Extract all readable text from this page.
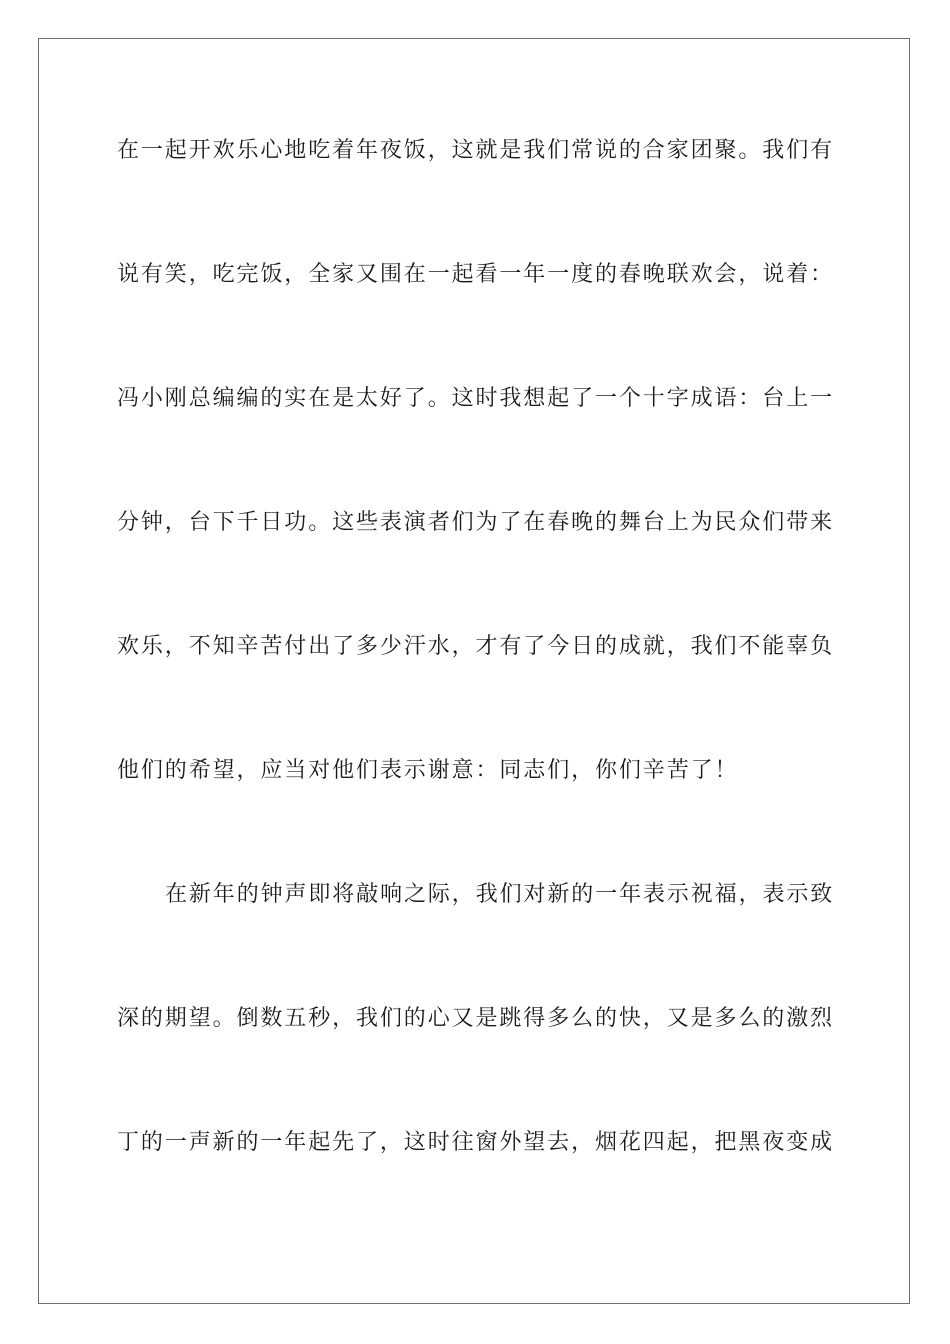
在一起开欢乐心地吃着年夜饭，这就是我们常说的合家团聚。我们有
说有笑，吃完饭，全家又围在一起看一年一度的春晚联欢会，说着：
冯小刚总编编的实在是太好了。这时我想起了一个十字成语：台上一
分钟，台下千日功。这些表演者们为了在春晚的舞台上为民众们带来
欢乐，不知辛苦付出了多少汗水，才有了今日的成就，我们不能辜负
他们的希望，应当对他们表示谢意：同志们，你们辛苦了！
在新年的钟声即将敲响之际，我们对新的一年表示祝福，表示致
深的期望。倒数五秒，我们的心又是跳得多么的快，又是多么的激烈
丁的一声新的一年起先了，这时往窗外望去，烟花四起，把黑夜变成
